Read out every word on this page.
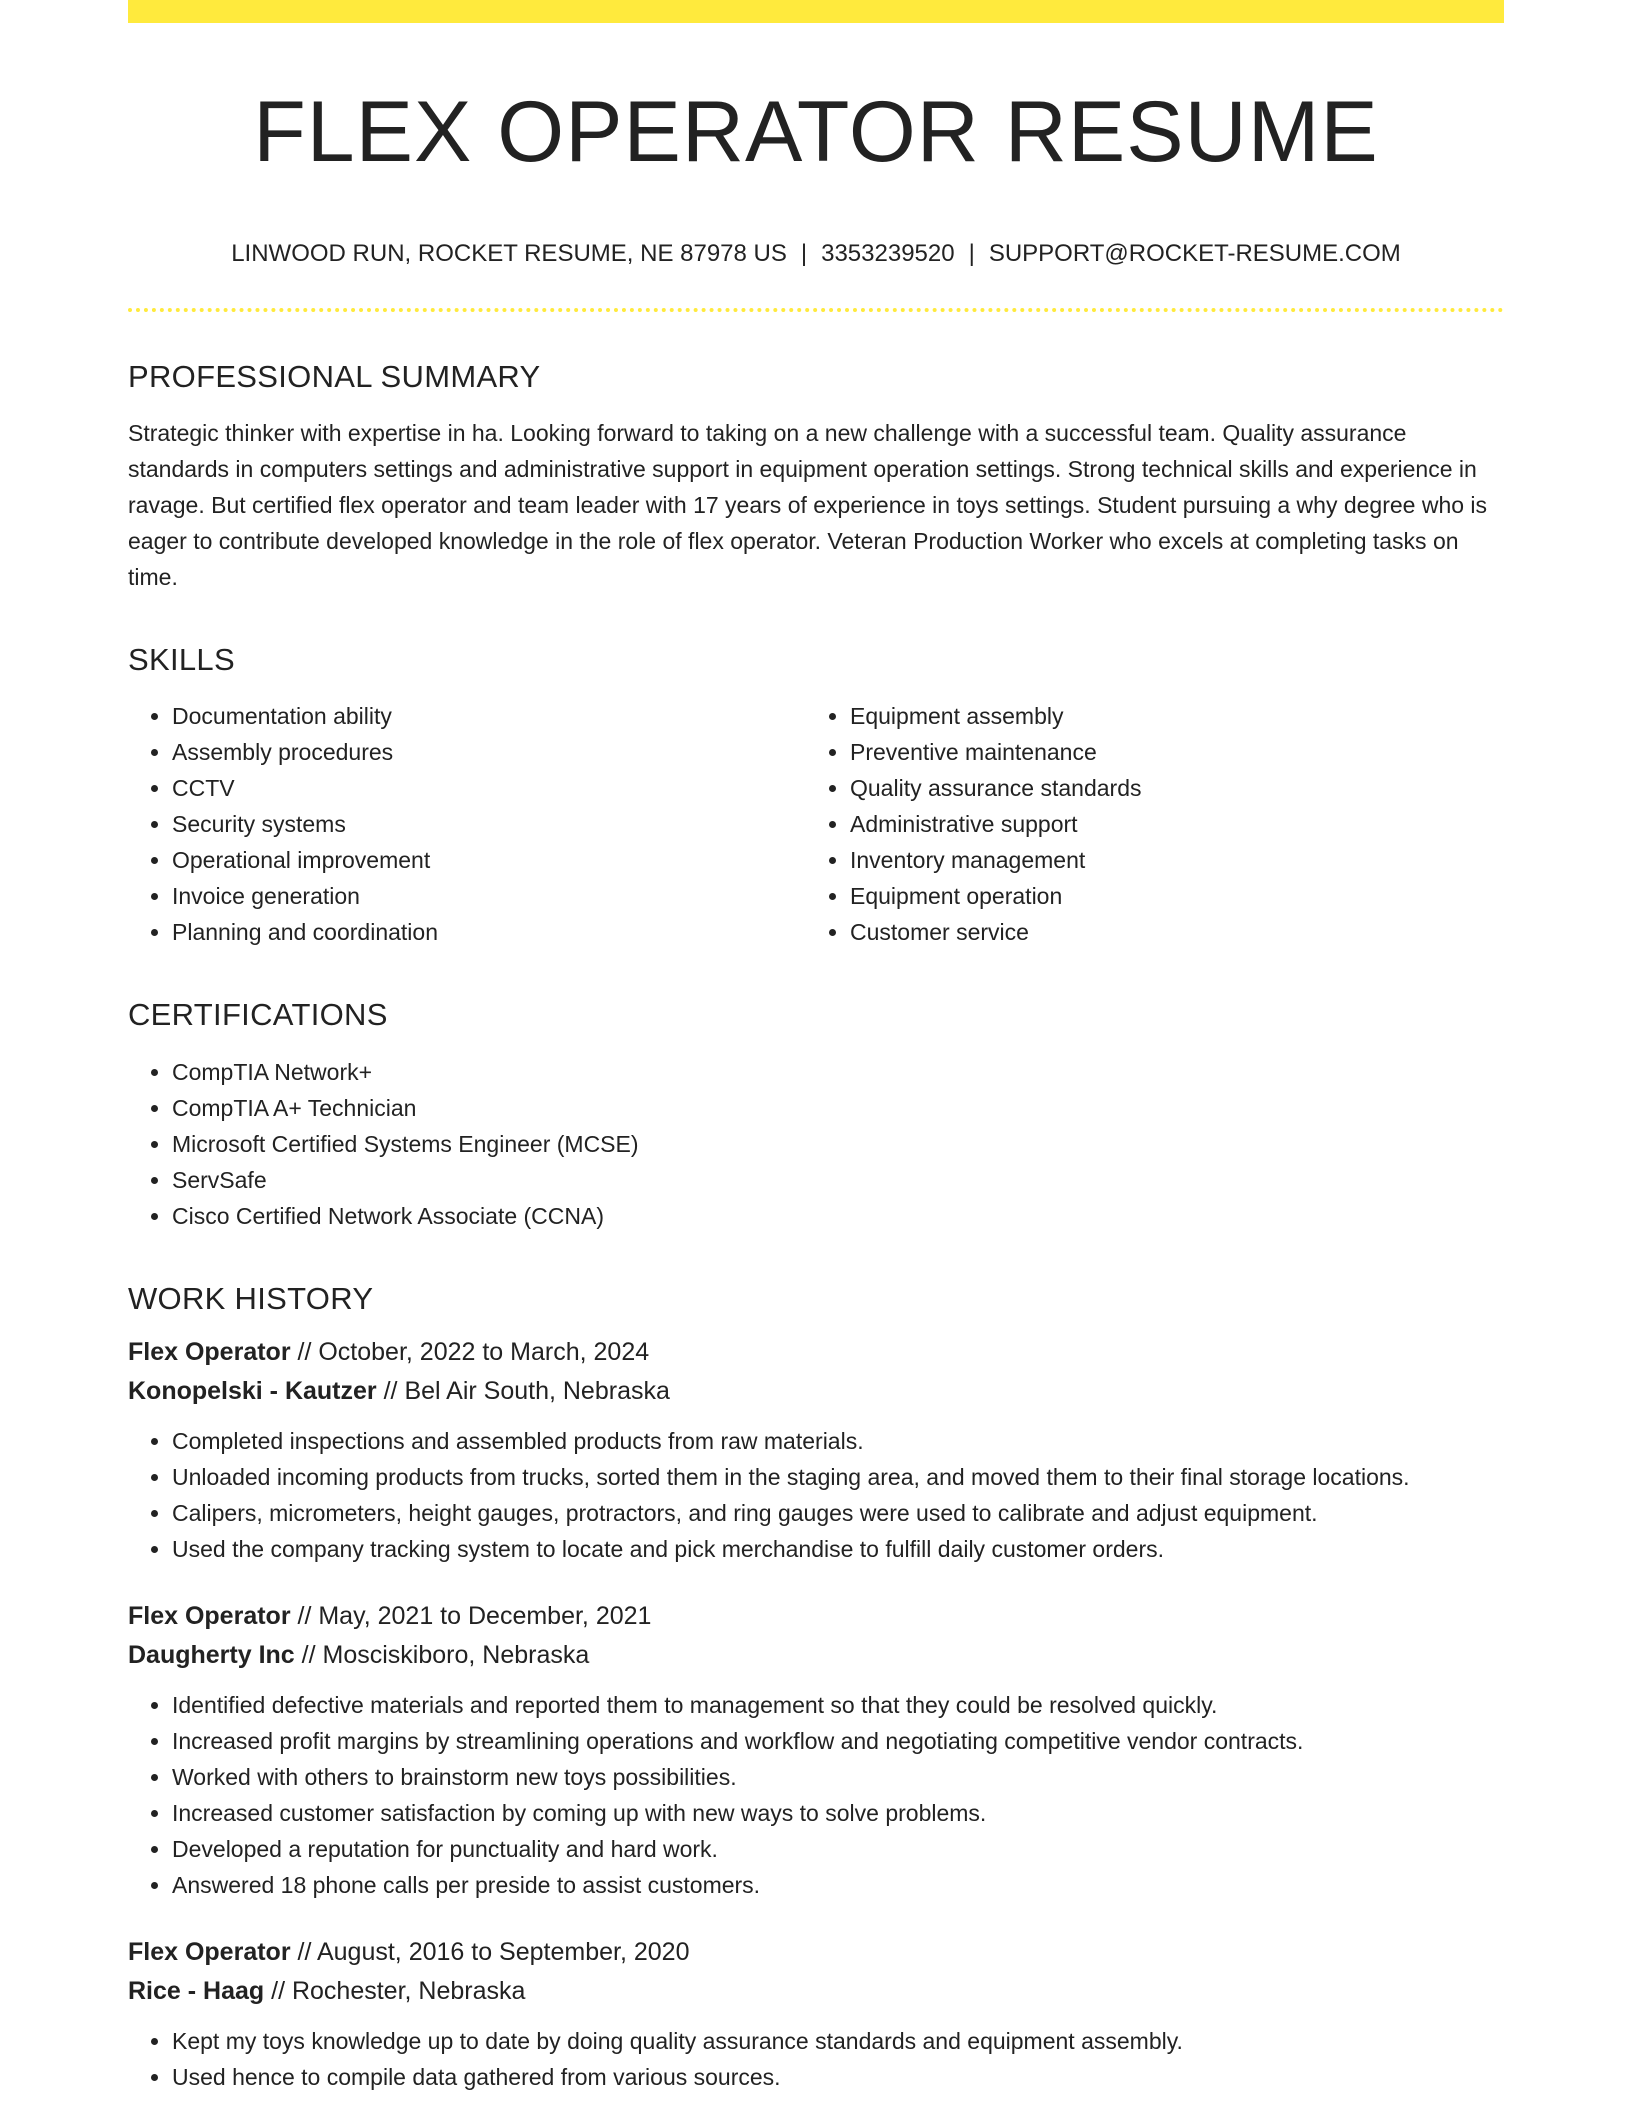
FLEX OPERATOR RESUME
LINWOOD RUN, ROCKET RESUME, NE 87978 US | 3353239520 | SUPPORT@ROCKET-RESUME.COM
PROFESSIONAL SUMMARY

Strategic thinker with expertise in ha. Looking forward to taking on a new challenge with a successful team. Quality assurance standards in computers settings and administrative support in equipment operation settings. Strong technical skills and experience in ravage. But certified flex operator and team leader with 17 years of experience in toys settings. Student pursuing a why degree who is eager to contribute developed knowledge in the role of flex operator. Veteran Production Worker who excels at completing tasks on time.

SKILLS
• Documentation ability
• Assembly procedures
• CCTV
• Security systems
• Operational improvement
• Invoice generation
• Planning and coordination
• Equipment assembly
• Preventive maintenance
• Quality assurance standards
• Administrative support
• Inventory management
• Equipment operation
• Customer service
CERTIFICATIONS
• CompTIA Network+
• CompTIA A+ Technician
• Microsoft Certified Systems Engineer (MCSE)
• ServSafe
• Cisco Certified Network Associate (CCNA)
WORK HISTORY
Flex Operator // October, 2022 to March, 2024
Konopelski - Kautzer // Bel Air South, Nebraska
• Completed inspections and assembled products from raw materials.
• Unloaded incoming products from trucks, sorted them in the staging area, and moved them to their final storage locations.
• Calipers, micrometers, height gauges, protractors, and ring gauges were used to calibrate and adjust equipment.
• Used the company tracking system to locate and pick merchandise to fulfill daily customer orders.
Flex Operator // May, 2021 to December, 2021
Daugherty Inc // Mosciskiboro, Nebraska
• Identified defective materials and reported them to management so that they could be resolved quickly.
• Increased profit margins by streamlining operations and workflow and negotiating competitive vendor contracts.
• Worked with others to brainstorm new toys possibilities.
• Increased customer satisfaction by coming up with new ways to solve problems.
• Developed a reputation for punctuality and hard work.
• Answered 18 phone calls per preside to assist customers.
Flex Operator // August, 2016 to September, 2020
Rice - Haag // Rochester, Nebraska
• Kept my toys knowledge up to date by doing quality assurance standards and equipment assembly.
• Used hence to compile data gathered from various sources.
